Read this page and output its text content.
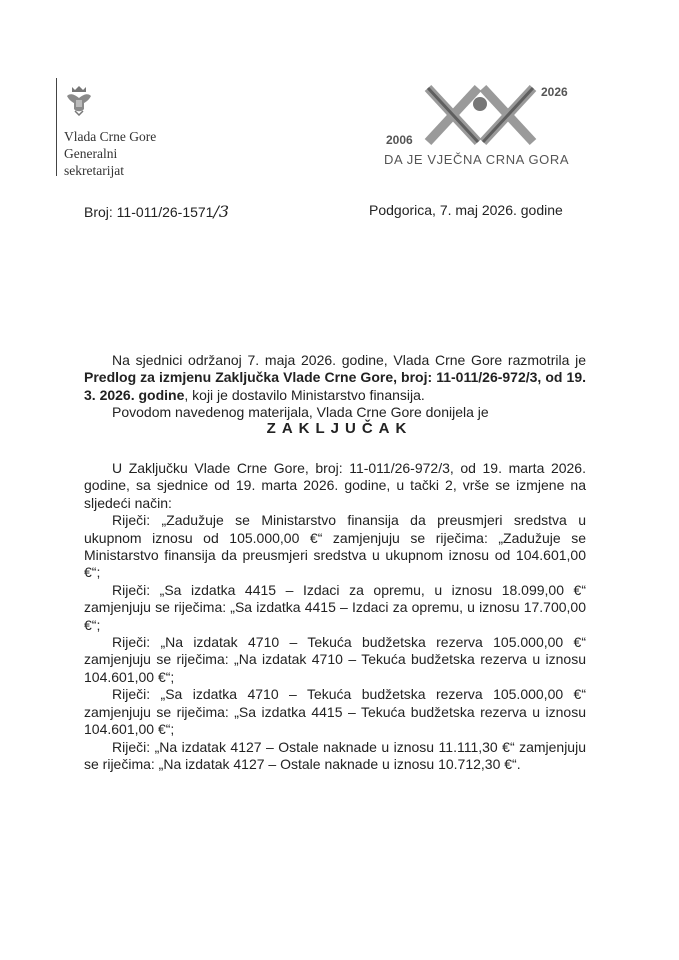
Vlada Crne Gore
Generalni
sekretarijat
2006
2026
DA JE VJEČNA CRNA GORA
Broj: 11-011/26-1571/3	Podgorica, 7. maj 2026. godine

Na sjednici održanoj 7. maja 2026. godine, Vlada Crne Gore razmotrila je Predlog za izmjenu Zaključka Vlade Crne Gore, broj: 11-011/26-972/3, od 19. 3. 2026. godine, koji je dostavilo Ministarstvo finansija.

Povodom navedenog materijala, Vlada Crne Gore donijela je

ZAKLJUČAK

U Zaključku Vlade Crne Gore, broj: 11-011/26-972/3, od 19. marta 2026. godine, sa sjednice od 19. marta 2026. godine, u tački 2, vrše se izmjene na sljedeći način:

Riječi: „Zadužuje se Ministarstvo finansija da preusmjeri sredstva u ukupnom iznosu od 105.000,00 €“ zamjenjuju se riječima: „Zadužuje se Ministarstvo finansija da preusmjeri sredstva u ukupnom iznosu od 104.601,00 €“;

Riječi: „Sa izdatka 4415 – Izdaci za opremu, u iznosu 18.099,00 €“ zamjenjuju se riječima: „Sa izdatka 4415 – Izdaci za opremu, u iznosu 17.700,00 €“;

Riječi: „Na izdatak 4710 – Tekuća budžetska rezerva 105.000,00 €“ zamjenjuju se riječima: „Na izdatak 4710 – Tekuća budžetska rezerva u iznosu 104.601,00 €“;

Riječi: „Sa izdatka 4710 – Tekuća budžetska rezerva 105.000,00 €“ zamjenjuju se riječima: „Sa izdatka 4415 – Tekuća budžetska rezerva u iznosu 104.601,00 €“;

Riječi: „Na izdatak 4127 – Ostale naknade u iznosu 11.111,30 €“ zamjenjuju se riječima: „Na izdatak 4127 – Ostale naknade u iznosu 10.712,30 €“.
